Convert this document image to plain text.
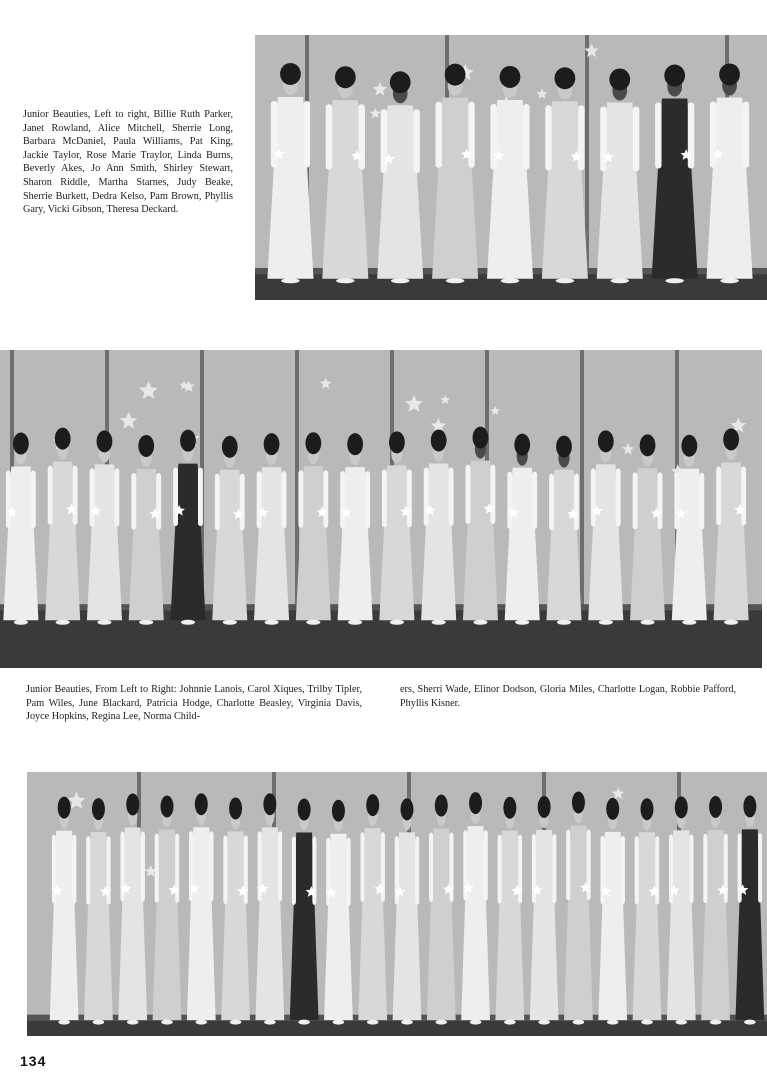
Junior Beauties, Left to right, Billie Ruth Parker, Janet Rowland, Alice Mitchell, Sherrie Long, Barbara McDaniel, Paula Williams, Pat King, Jackie Taylor, Rose Marie Traylor, Linda Burns, Beverly Akes, Jo Ann Smith, Shirley Stewart, Sharon Riddle, Martha Starnes, Judy Beake, Sherrie Burkett, Dedra Kelso, Pam Brown, Phyllis Gary, Vicki Gibson, Theresa Deckard.
Junior Beauties, From Left to Right: Johnnie Lanois, Carol Xiques, Trilby Tipler, Pam Wiles, June Blackard, Patricia Hodge, Charlotte Beasley, Virginia Davis, Joyce Hopkins, Regina Lee, Norma Child-
ers, Sherri Wade, Elinor Dodson, Gloria Miles, Charlotte Logan, Robbie Pafford, Phyllis Kisner.
134
